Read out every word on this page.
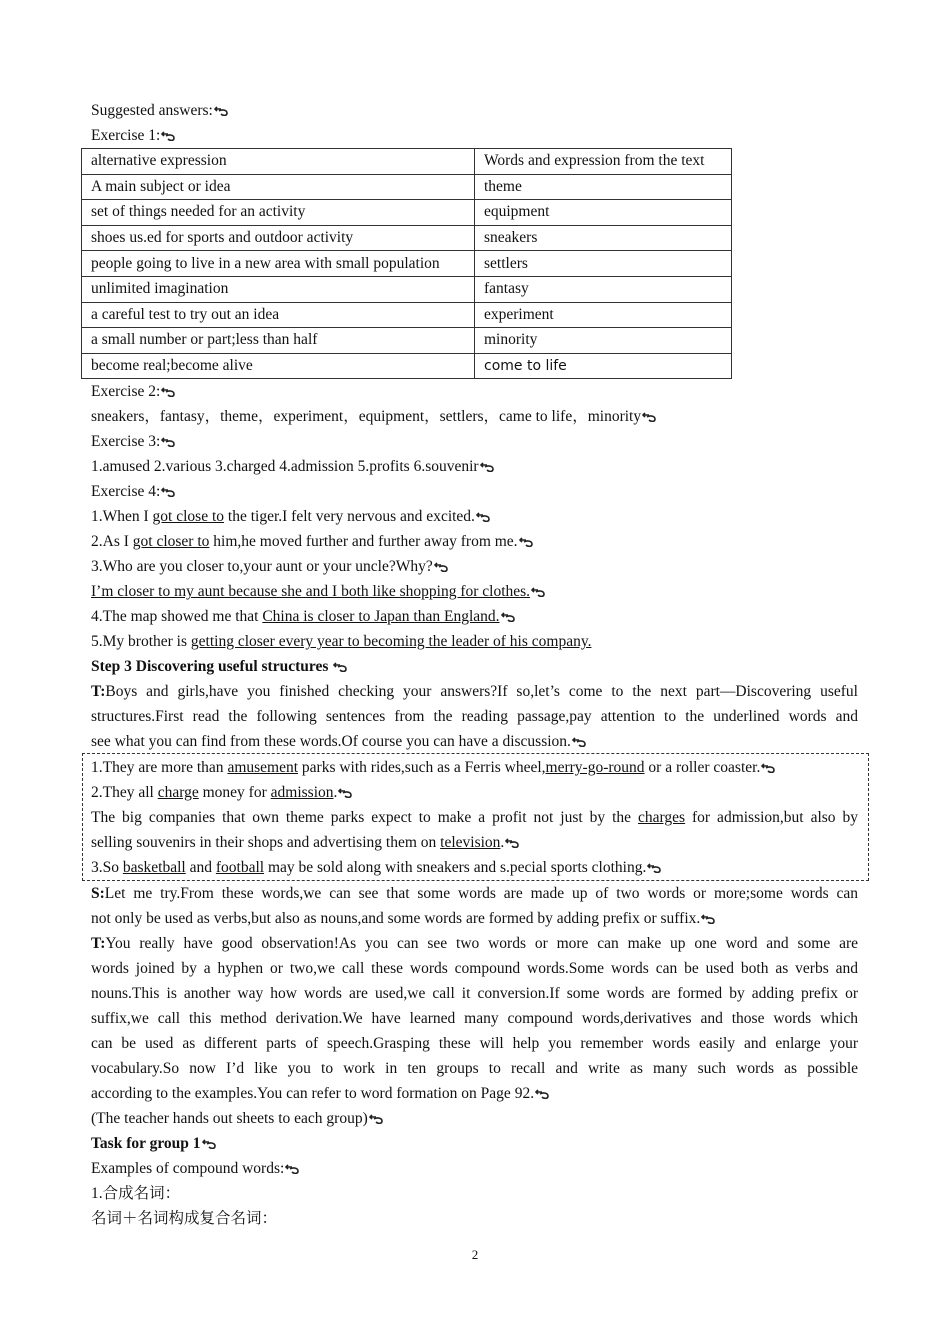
Suggested answers:
Exercise 1:
alternative expression	Words and expression from the text
A main subject or idea	theme
set of things needed for an activity	equipment
shoes us.ed for sports and outdoor activity	sneakers
people going to live in a new area with small population	settlers
unlimited imagination	fantasy
a careful test to try out an idea	experiment
a small number or part;less than half	minority
become real;become alive	come to life
Exercise 2:
sneakers，fantasy，theme，experiment，equipment，settlers，came to life，minority
Exercise 3:
1.amused 2.various 3.charged 4.admission 5.profits 6.souvenir
Exercise 4:
1.When I got close to the tiger.I felt very nervous and excited.
2.As I got closer to him,he moved further and further away from me.
3.Who are you closer to,your aunt or your uncle?Why?
I’m closer to my aunt because she and I both like shopping for clothes.
4.The map showed me that China is closer to Japan than England.
5.My brother is getting closer every year to becoming the leader of his company.
Step 3 Discovering useful structures
T:Boys and girls,have you finished checking your answers?If so,let’s come to the next part—Discovering useful
structures.First read the following sentences from the reading passage,pay attention to the underlined words and
see what you can find from these words.Of course you can have a discussion.
1.They are more than amusement parks with rides,such as a Ferris wheel,merry-go-round or a roller coaster.
2.They all charge money for admission.
The big companies that own theme parks expect to make a profit not just by the charges for admission,but also by
selling souvenirs in their shops and advertising them on television.
3.So basketball and football may be sold along with sneakers and s.pecial sports clothing.
S:Let me try.From these words,we can see that some words are made up of two words or more;some words can
not only be used as verbs,but also as nouns,and some words are formed by adding prefix or suffix.
T:You really have good observation!As you can see two words or more can make up one word and some are
words joined by a hyphen or two,we call these words compound words.Some words can be used both as verbs and
nouns.This is another way how words are used,we call it conversion.If some words are formed by adding prefix or
suffix,we call this method derivation.We have learned many compound words,derivatives and those words which
can be used as different parts of speech.Grasping these will help you remember words easily and enlarge your
vocabulary.So now I’d like you to work in ten groups to recall and write as many such words as possible
according to the examples.You can refer to word formation on Page 92.
(The teacher hands out sheets to each group)
Task for group 1
Examples of compound words:
1.合成名词：
名词＋名词构成复合名词：
2
